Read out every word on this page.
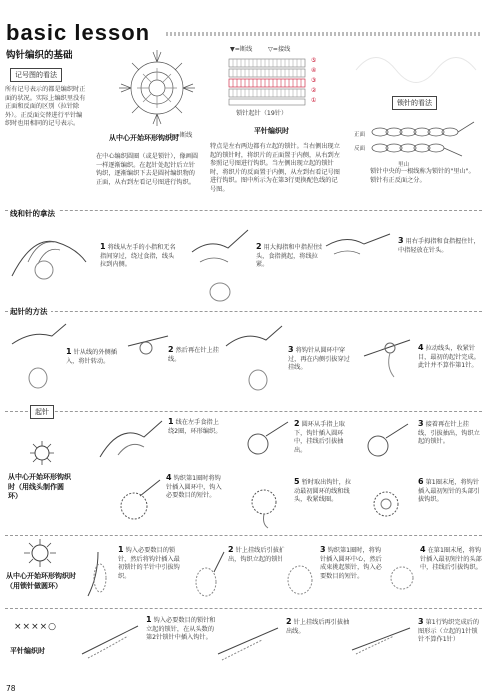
basic lesson
钩针编织的基础
记号图的看法
所有记号表示的都是编织时正面的状况。实际上编织里没有正面和反面的区别（拉针除外）。正反面交替进行平针编织时也用相同的记号表示。
▷=断线
从中心开始环形钩织时
在中心编织圆圈（或是锁针），像画圆一样逐渐编织。在起针处起针后立针钩织，逐渐编织下去是圆衬编织物的正面，从右到左看记号图进行钩织。
▼=断线	▽=接线
⑤
④
③
②
①
锁针起针（19针）
平针编织时
特点是左右两边都有立起的锁针。当右侧出现立起的锁针时，将织片的正面置于内侧，从右到左参照记号图进行钩织。当左侧出现立起的锁针时，将织片的反面置于内侧，从左到右看记号图进行钩织。图中所示为在第3行更换配色线的记号图。
锁针的看法
正面
反面
里山
锁针中央的一根线称为锁针的"里山"。锁针有正反面之分。
线和针的拿法
1 将线从左手的小指和无名指间穿过，绕过食指，线头拉到内侧。
2 用大拇指和中指捏住线头，食指挑起，将线拉紧。
3 用右手拇指和食指握住针，中指轻放在针头。
起针的方法
1 针从线的外侧插入，将针转动。
2 然后再在针上挂线。
3 将钩针从圆环中穿过，再在内侧引拔穿过挂线。
4 拉动线头，收紧针目，最初的起针完成。此针并不算作第1针。
起针
从中心开始环形钩织时（用线头制作圆环）
1 线在左手食指上绕2圈，环形编织。
2 圆环从手指上取下，钩针插入圆环中，挂线后引拔抽出。
3 接着再在针上挂线，引拔抽出，钩织立起的锁针。
4 钩织第1圈时将钩针插入圆环中，钩入必要数目的短针。
5 暂时取出钩针，拉动最初圆环的线和线头，收紧线圈。
6 第1圈末尾，将钩针插入最初短针的头部引拔钩织。
从中心开始环形钩织时（用锁针做圆环）
1 钩入必要数目的锁针，然后将钩针插入最初锁针的半针中引拔钩织。
2 针上挂线后引拔抽出，钩织立起的锁针。
3 钩织第1圈时，将钩针插入圆环中心，然后成束挑起锁针，钩入必要数目的短针。
4 在第1圈末尾，将钩针插入最初短针的头部中，挂线后引拔钩织。
××××○
平针编织时
1 钩入必要数目的锁针和立起的锁针，在从头数的第2针锁针中插入钩针。
2 针上挂线后再引拔抽出线。
3 第1行钩织完成后的图形示（立起的1针锁针不算作1针）
78
